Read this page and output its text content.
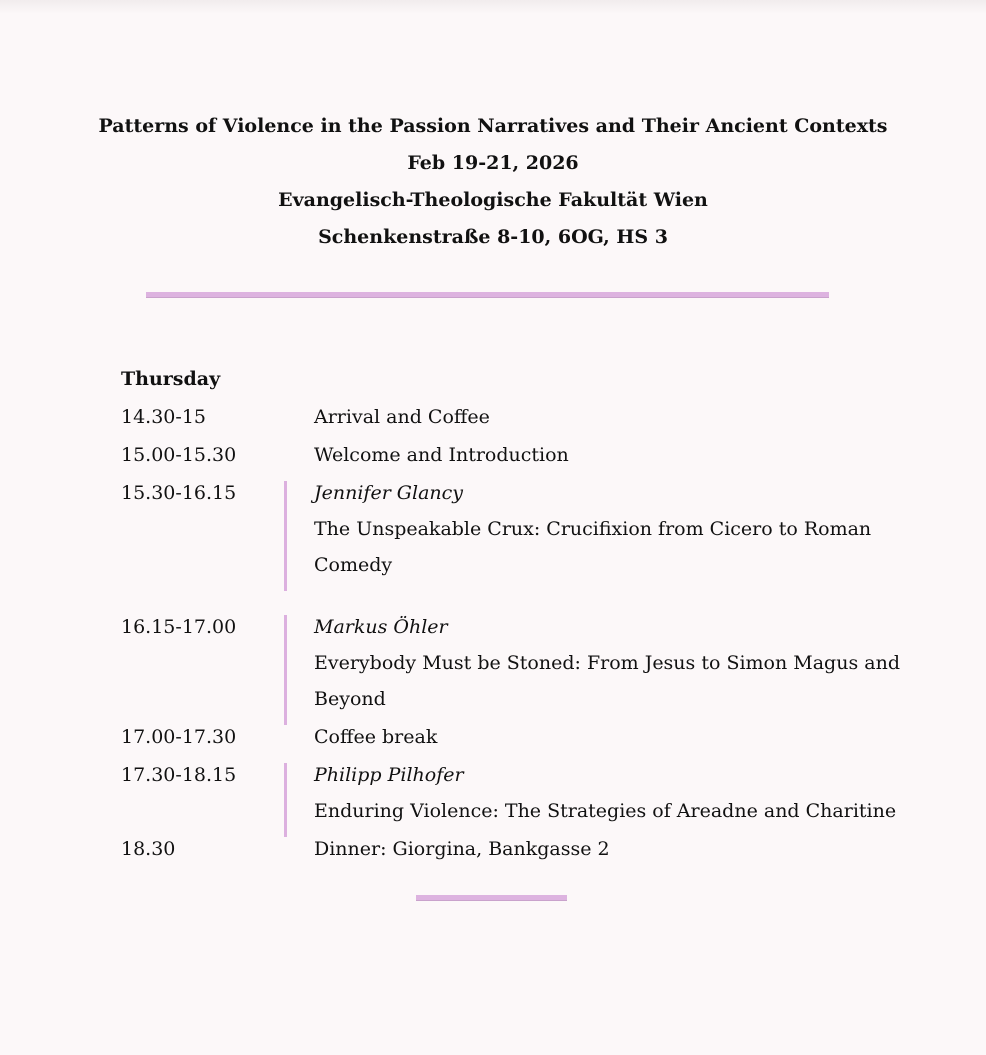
Patterns of Violence in the Passion Narratives and Their Ancient Contexts
Feb 19-21, 2026
Evangelisch-Theologische Fakultät Wien
Schenkenstraße 8-10, 6OG, HS 3
Thursday
14.30-15	Arrival and Coffee
15.00-15.30	Welcome and Introduction
15.30-16.15	Jennifer Glancy
The Unspeakable Crux: Crucifixion from Cicero to Roman
Comedy
16.15-17.00	Markus Öhler
Everybody Must be Stoned: From Jesus to Simon Magus and
Beyond
17.00-17.30	Coffee break
17.30-18.15	Philipp Pilhofer
Enduring Violence: The Strategies of Areadne and Charitine
18.30	Dinner: Giorgina, Bankgasse 2
